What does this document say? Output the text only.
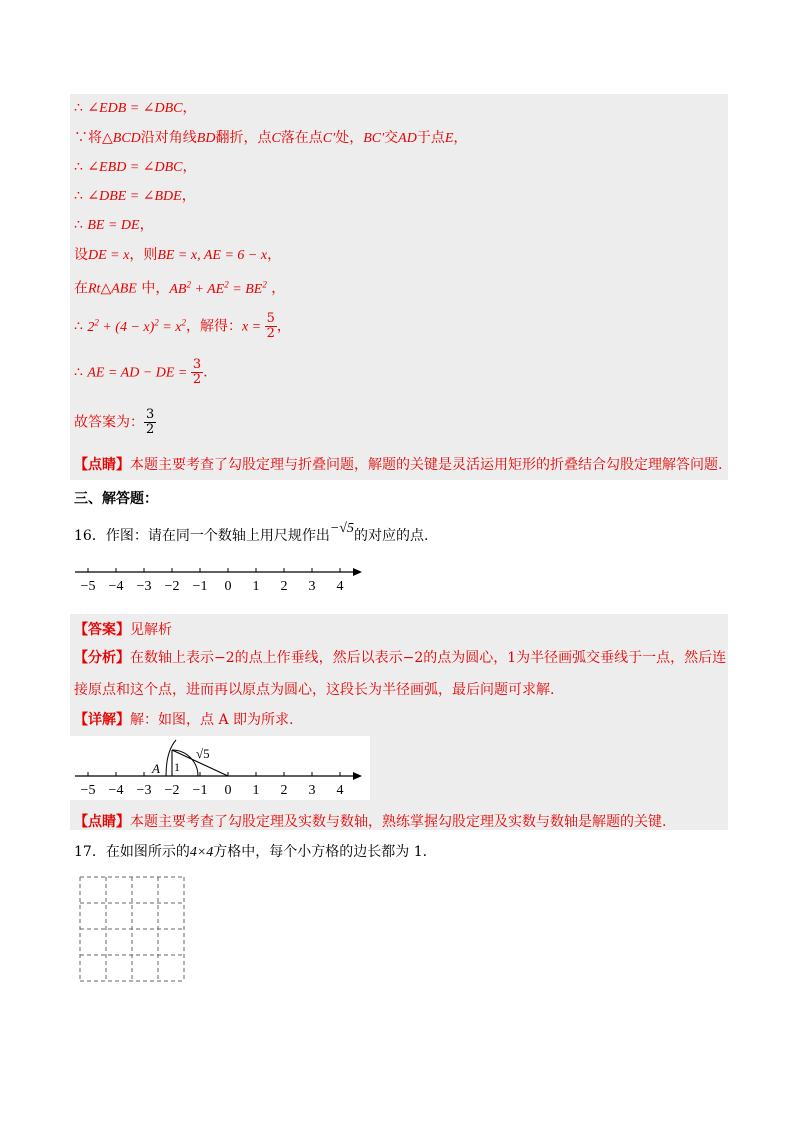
∴ ∠EDB = ∠DBC，
∵将△BCD沿对角线BD翻折，点C落在点C′处，BC′交AD于点E，
∴ ∠EBD = ∠DBC，
∴ ∠DBE = ∠BDE，
∴ BE = DE，
设DE = x，则BE = x, AE = 6 − x，
在Rt△ABE 中，$AB^2 + AE^2 = BE^2$ ，
∴ $2^2 + (4 - x)^2 = x^2$，解得：$x = \frac{5}{2}$ ，
∴ AE = AD − DE = $\frac{3}{2}$ .
故答案为： $\frac{3}{2}$
【点睛】本题主要考查了勾股定理与折叠问题，解题的关键是灵活运用矩形的折叠结合勾股定理解答问题.
三、解答题：
16．作图：请在同一个数轴上用尺规作出−√5的对应的点.
−5 −4 −3 −2 −1 0 1 2 3 4
【答案】见解析
【分析】在数轴上表示−2的点上作垂线，然后以表示−2的点为圆心，1为半径画弧交垂线于一点，然后连
接原点和这个点，进而再以原点为圆心，这段长为半径画弧，最后问题可求解.
【详解】解：如图，点 A 即为所求.
−5 −4 −3 −2 −1 0 1 2 3 4
A 1
√5
【点睛】本题主要考查了勾股定理及实数与数轴，熟练掌握勾股定理及实数与数轴是解题的关键.
17．在如图所示的4×4方格中，每个小方格的边长都为 1.
